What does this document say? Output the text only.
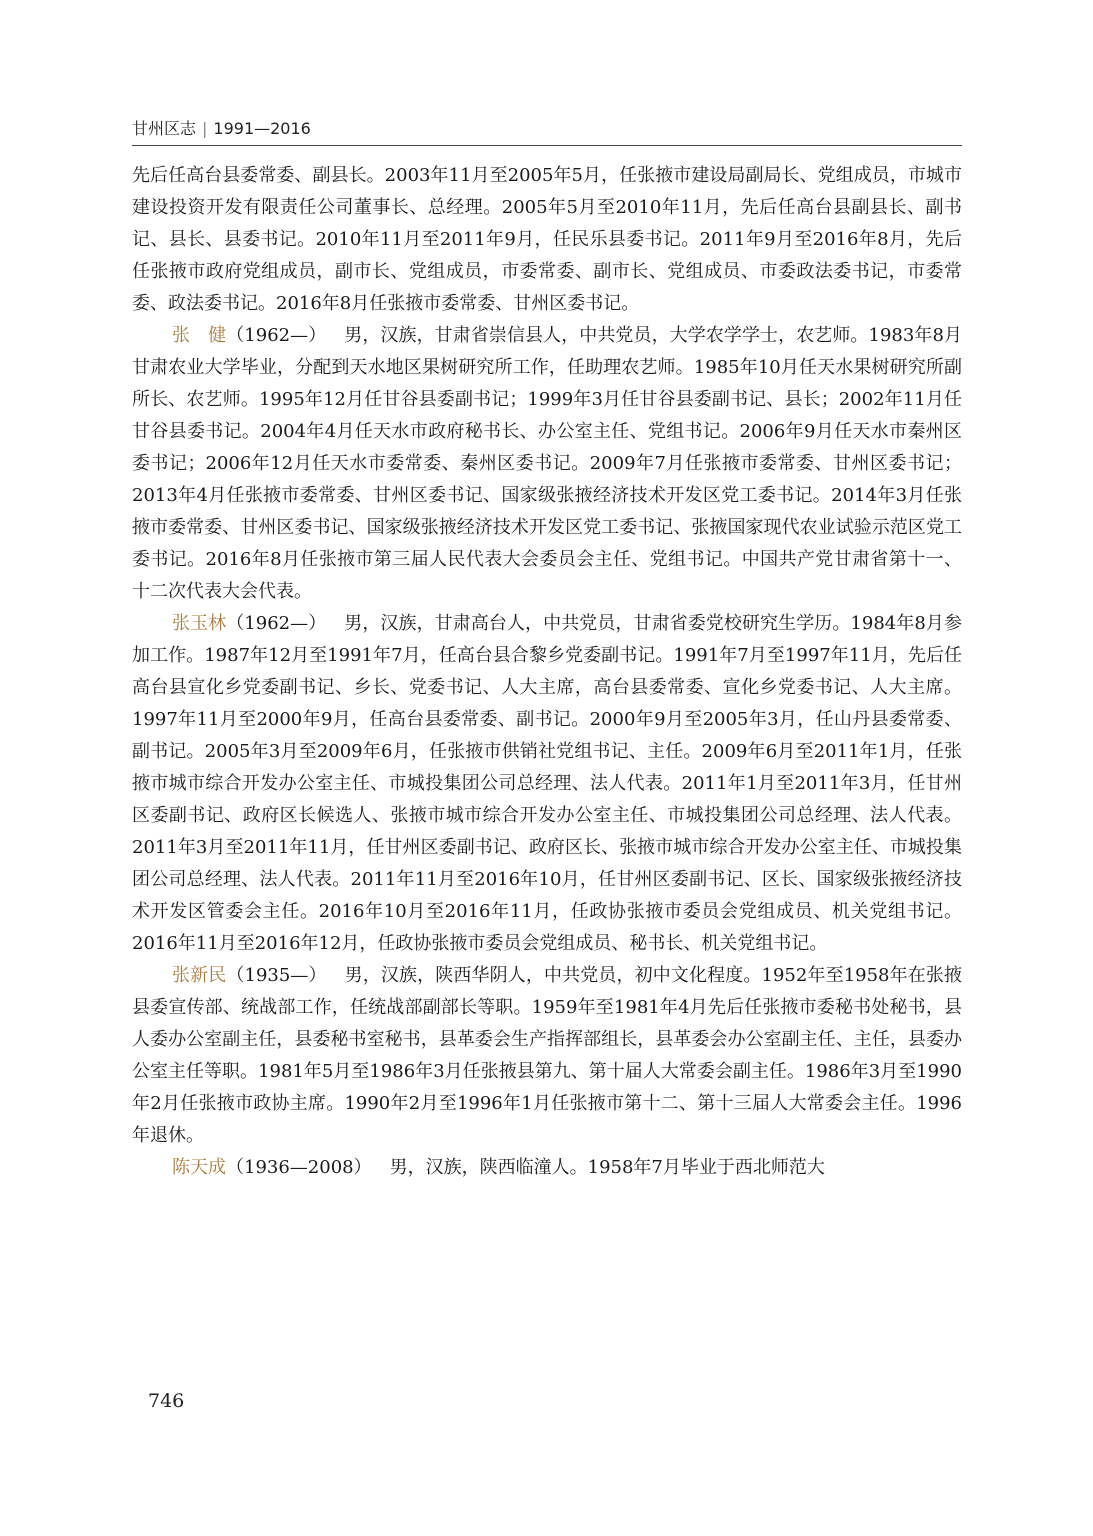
甘州区志 | 1991—2016

先后任高台县委常委、副县长。2003年11月至2005年5月，任张掖市建设局副局长、党组成员，市城市建设投资开发有限责任公司董事长、总经理。2005年5月至2010年11月，先后任高台县副县长、副书记、县长、县委书记。2010年11月至2011年9月，任民乐县委书记。2011年9月至2016年8月，先后任张掖市政府党组成员，副市长、党组成员，市委常委、副市长、党组成员、市委政法委书记，市委常委、政法委书记。2016年8月任张掖市委常委、甘州区委书记。

张　健（1962—） 男，汉族，甘肃省崇信县人，中共党员，大学农学学士，农艺师。1983年8月甘肃农业大学毕业，分配到天水地区果树研究所工作，任助理农艺师。1985年10月任天水果树研究所副所长、农艺师。1995年12月任甘谷县委副书记；1999年3月任甘谷县委副书记、县长；2002年11月任甘谷县委书记。2004年4月任天水市政府秘书长、办公室主任、党组书记。2006年9月任天水市秦州区委书记；2006年12月任天水市委常委、秦州区委书记。2009年7月任张掖市委常委、甘州区委书记；2013年4月任张掖市委常委、甘州区委书记、国家级张掖经济技术开发区党工委书记。2014年3月任张掖市委常委、甘州区委书记、国家级张掖经济技术开发区党工委书记、张掖国家现代农业试验示范区党工委书记。2016年8月任张掖市第三届人民代表大会委员会主任、党组书记。中国共产党甘肃省第十一、十二次代表大会代表。

张玉林（1962—） 男，汉族，甘肃高台人，中共党员，甘肃省委党校研究生学历。1984年8月参加工作。1987年12月至1991年7月，任高台县合黎乡党委副书记。1991年7月至1997年11月，先后任高台县宣化乡党委副书记、乡长、党委书记、人大主席，高台县委常委、宣化乡党委书记、人大主席。1997年11月至2000年9月，任高台县委常委、副书记。2000年9月至2005年3月，任山丹县委常委、副书记。2005年3月至2009年6月，任张掖市供销社党组书记、主任。2009年6月至2011年1月，任张掖市城市综合开发办公室主任、市城投集团公司总经理、法人代表。2011年1月至2011年3月，任甘州区委副书记、政府区长候选人、张掖市城市综合开发办公室主任、市城投集团公司总经理、法人代表。2011年3月至2011年11月，任甘州区委副书记、政府区长、张掖市城市综合开发办公室主任、市城投集团公司总经理、法人代表。2011年11月至2016年10月，任甘州区委副书记、区长、国家级张掖经济技术开发区管委会主任。2016年10月至2016年11月，任政协张掖市委员会党组成员、机关党组书记。2016年11月至2016年12月，任政协张掖市委员会党组成员、秘书长、机关党组书记。

张新民（1935—） 男，汉族，陕西华阴人，中共党员，初中文化程度。1952年至1958年在张掖县委宣传部、统战部工作，任统战部副部长等职。1959年至1981年4月先后任张掖市委秘书处秘书，县人委办公室副主任，县委秘书室秘书，县革委会生产指挥部组长，县革委会办公室副主任、主任，县委办公室主任等职。1981年5月至1986年3月任张掖县第九、第十届人大常委会副主任。1986年3月至1990年2月任张掖市政协主席。1990年2月至1996年1月任张掖市第十二、第十三届人大常委会主任。1996年退休。

陈天成（1936—2008） 男，汉族，陕西临潼人。1958年7月毕业于西北师范大

746
